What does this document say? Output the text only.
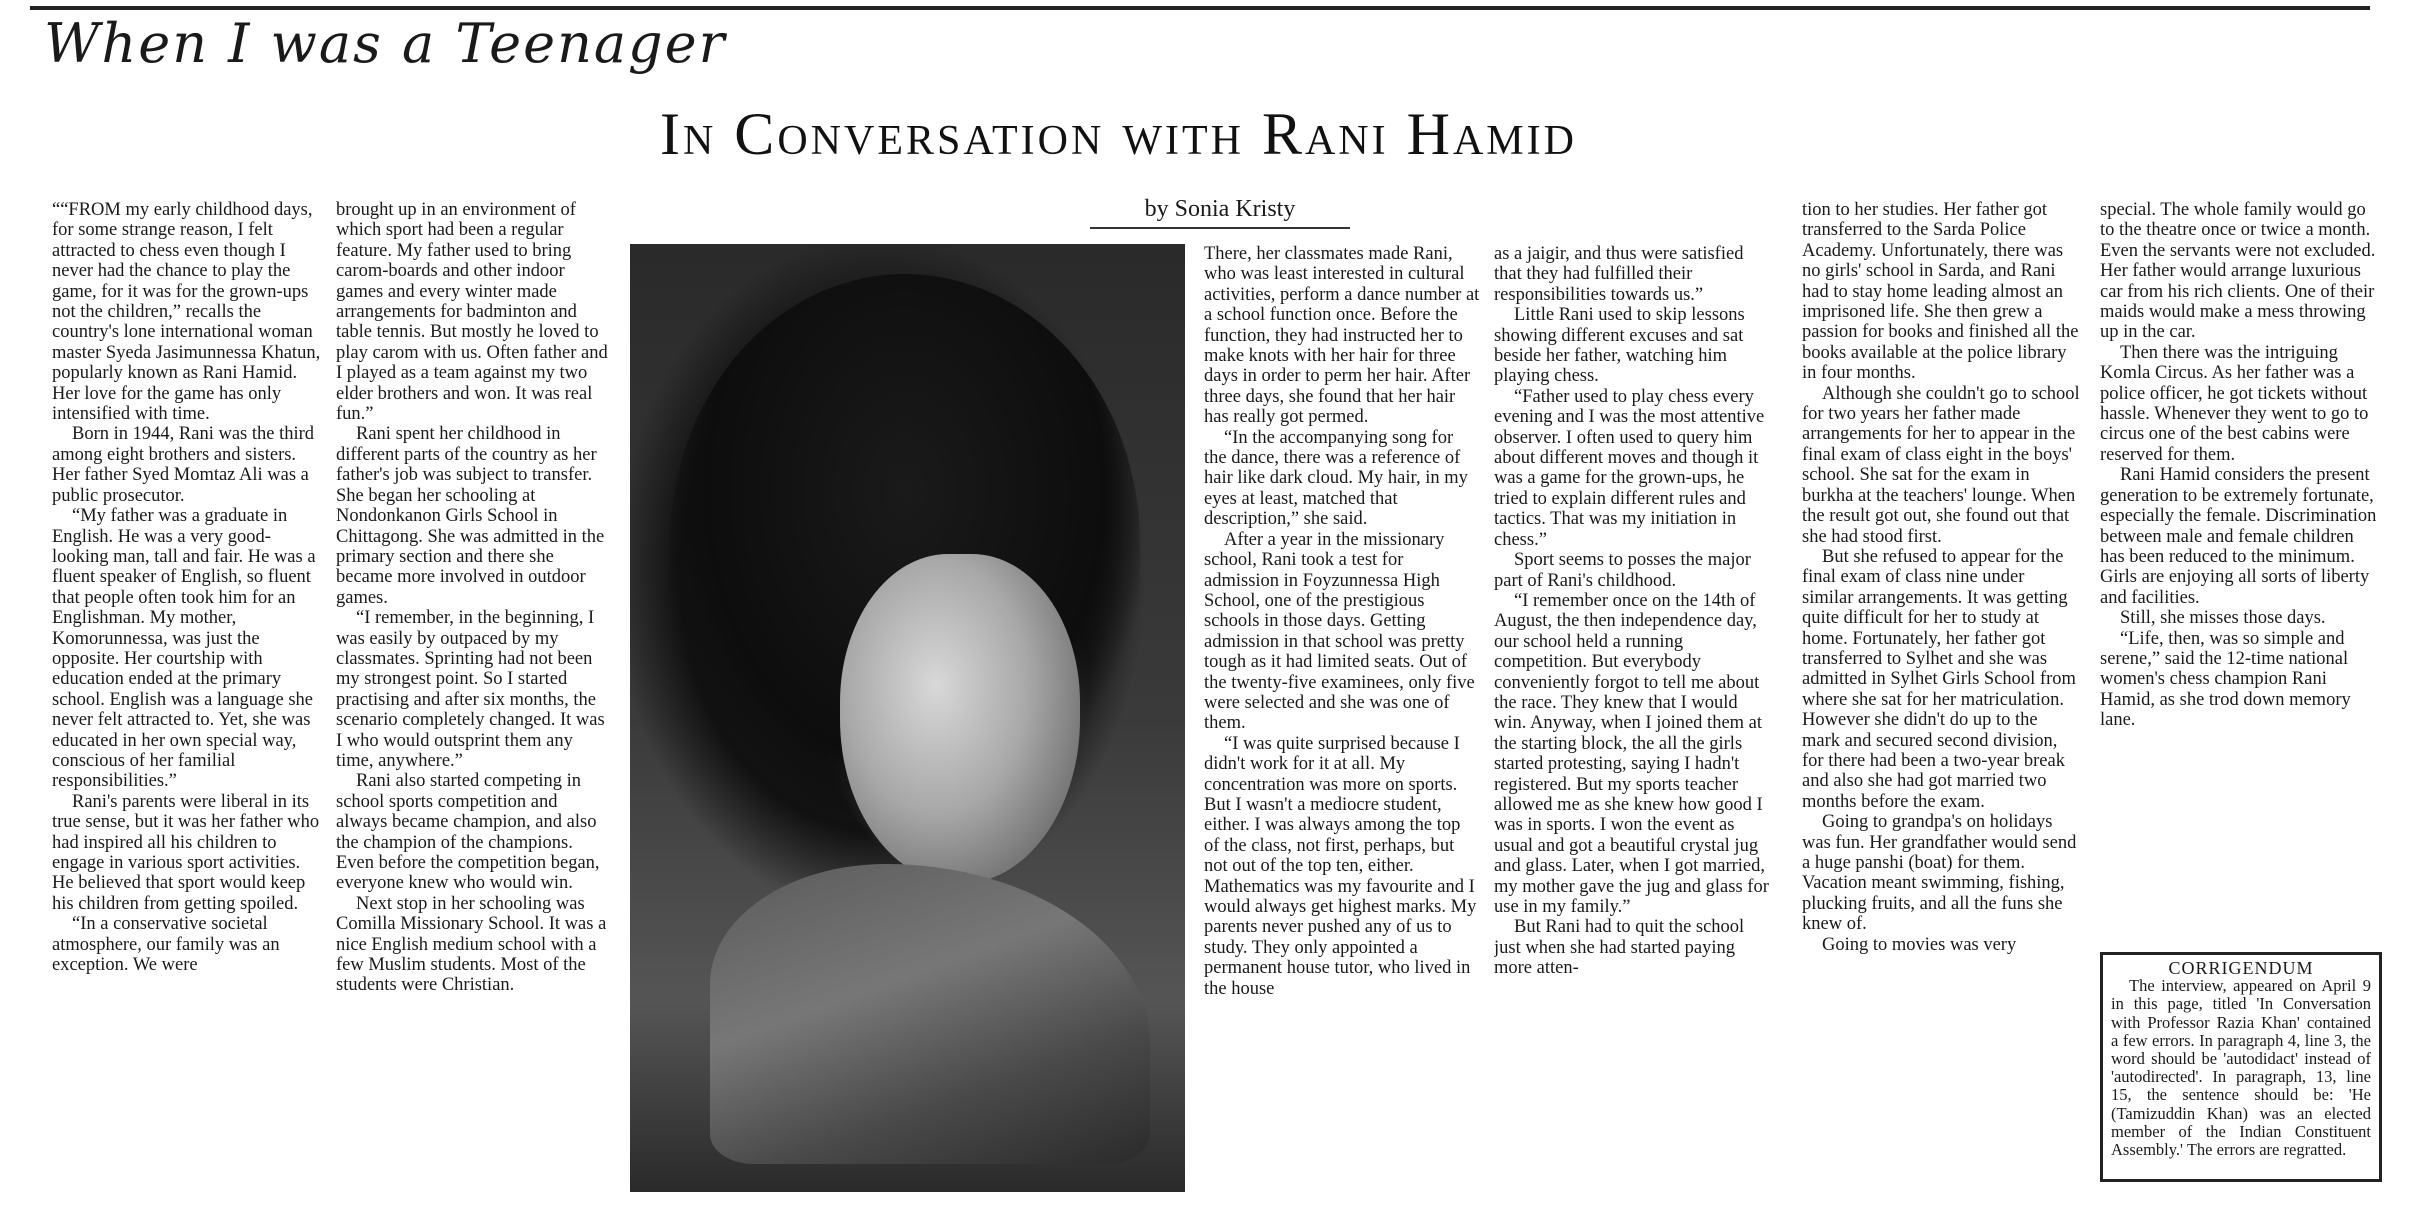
When I was a Teenager
In Conversation with Rani Hamid
by Sonia Kristy

““FROM my early childhood days, for some strange reason, I felt attracted to chess even though I never had the chance to play the game, for it was for the grown-ups not the children,” recalls the country's lone international woman master Syeda Jasimunnessa Khatun, popularly known as Rani Hamid. Her love for the game has only intensified with time.

Born in 1944, Rani was the third among eight brothers and sisters. Her father Syed Momtaz Ali was a public prosecutor.

“My father was a graduate in English. He was a very good-looking man, tall and fair. He was a fluent speaker of English, so fluent that people often took him for an Englishman. My mother, Komorunnessa, was just the opposite. Her courtship with education ended at the primary school. English was a language she never felt attracted to. Yet, she was educated in her own special way, conscious of her familial responsibilities.”

Rani's parents were liberal in its true sense, but it was her father who had inspired all his children to engage in various sport activities. He believed that sport would keep his children from getting spoiled.

“In a conservative societal atmosphere, our family was an exception. We were

brought up in an environment of which sport had been a regular feature. My father used to bring carom-boards and other indoor games and every winter made arrangements for badminton and table tennis. But mostly he loved to play carom with us. Often father and I played as a team against my two elder brothers and won. It was real fun.”

Rani spent her childhood in different parts of the country as her father's job was subject to transfer. She began her schooling at Nondonkanon Girls School in Chittagong. She was admitted in the primary section and there she became more involved in outdoor games.

“I remember, in the beginning, I was easily by outpaced by my classmates. Sprinting had not been my strongest point. So I started practising and after six months, the scenario completely changed. It was I who would outsprint them any time, anywhere.”

Rani also started competing in school sports competition and always became champion, and also the champion of the champions. Even before the competition began, everyone knew who would win.

Next stop in her schooling was Comilla Missionary School. It was a nice English medium school with a few Muslim students. Most of the students were Christian.

There, her classmates made Rani, who was least interested in cultural activities, perform a dance number at a school function once. Before the function, they had instructed her to make knots with her hair for three days in order to perm her hair. After three days, she found that her hair has really got permed.

“In the accompanying song for the dance, there was a reference of hair like dark cloud. My hair, in my eyes at least, matched that description,” she said.

After a year in the missionary school, Rani took a test for admission in Foyzunnessa High School, one of the prestigious schools in those days. Getting admission in that school was pretty tough as it had limited seats. Out of the twenty-five examinees, only five were selected and she was one of them.

“I was quite surprised because I didn't work for it at all. My concentration was more on sports. But I wasn't a mediocre student, either. I was always among the top of the class, not first, perhaps, but not out of the top ten, either. Mathematics was my favourite and I would always get highest marks. My parents never pushed any of us to study. They only appointed a permanent house tutor, who lived in the house

as a jaigir, and thus were satisfied that they had fulfilled their responsibilities towards us.”

Little Rani used to skip lessons showing different excuses and sat beside her father, watching him playing chess.

“Father used to play chess every evening and I was the most attentive observer. I often used to query him about different moves and though it was a game for the grown-ups, he tried to explain different rules and tactics. That was my initiation in chess.”

Sport seems to posses the major part of Rani's childhood.

“I remember once on the 14th of August, the then independence day, our school held a running competition. But everybody conveniently forgot to tell me about the race. They knew that I would win. Anyway, when I joined them at the starting block, the all the girls started protesting, saying I hadn't registered. But my sports teacher allowed me as she knew how good I was in sports. I won the event as usual and got a beautiful crystal jug and glass. Later, when I got married, my mother gave the jug and glass for use in my family.”

But Rani had to quit the school just when she had started paying more atten-

tion to her studies. Her father got transferred to the Sarda Police Academy. Unfortunately, there was no girls' school in Sarda, and Rani had to stay home leading almost an imprisoned life. She then grew a passion for books and finished all the books available at the police library in four months.

Although she couldn't go to school for two years her father made arrangements for her to appear in the final exam of class eight in the boys' school. She sat for the exam in burkha at the teachers' lounge. When the result got out, she found out that she had stood first.

But she refused to appear for the final exam of class nine under similar arrangements. It was getting quite difficult for her to study at home. Fortunately, her father got transferred to Sylhet and she was admitted in Sylhet Girls School from where she sat for her matriculation. However she didn't do up to the mark and secured second division, for there had been a two-year break and also she had got married two months before the exam.

Going to grandpa's on holidays was fun. Her grandfather would send a huge panshi (boat) for them. Vacation meant swimming, fishing, plucking fruits, and all the funs she knew of.

Going to movies was very

special. The whole family would go to the theatre once or twice a month. Even the servants were not excluded. Her father would arrange luxurious car from his rich clients. One of their maids would make a mess throwing up in the car.

Then there was the intriguing Komla Circus. As her father was a police officer, he got tickets without hassle. Whenever they went to go to circus one of the best cabins were reserved for them.

Rani Hamid considers the present generation to be extremely fortunate, especially the female. Discrimination between male and female children has been reduced to the minimum. Girls are enjoying all sorts of liberty and facilities.

Still, she misses those days.

“Life, then, was so simple and serene,” said the 12-time national women's chess champion Rani Hamid, as she trod down memory lane.

CORRIGENDUM

The interview, appeared on April 9 in this page, titled 'In Conversation with Professor Razia Khan' contained a few errors. In paragraph 4, line 3, the word should be 'autodidact' instead of 'autodirected'. In paragraph, 13, line 15, the sentence should be: 'He (Tamizuddin Khan) was an elected member of the Indian Constituent Assembly.' The errors are regratted.
